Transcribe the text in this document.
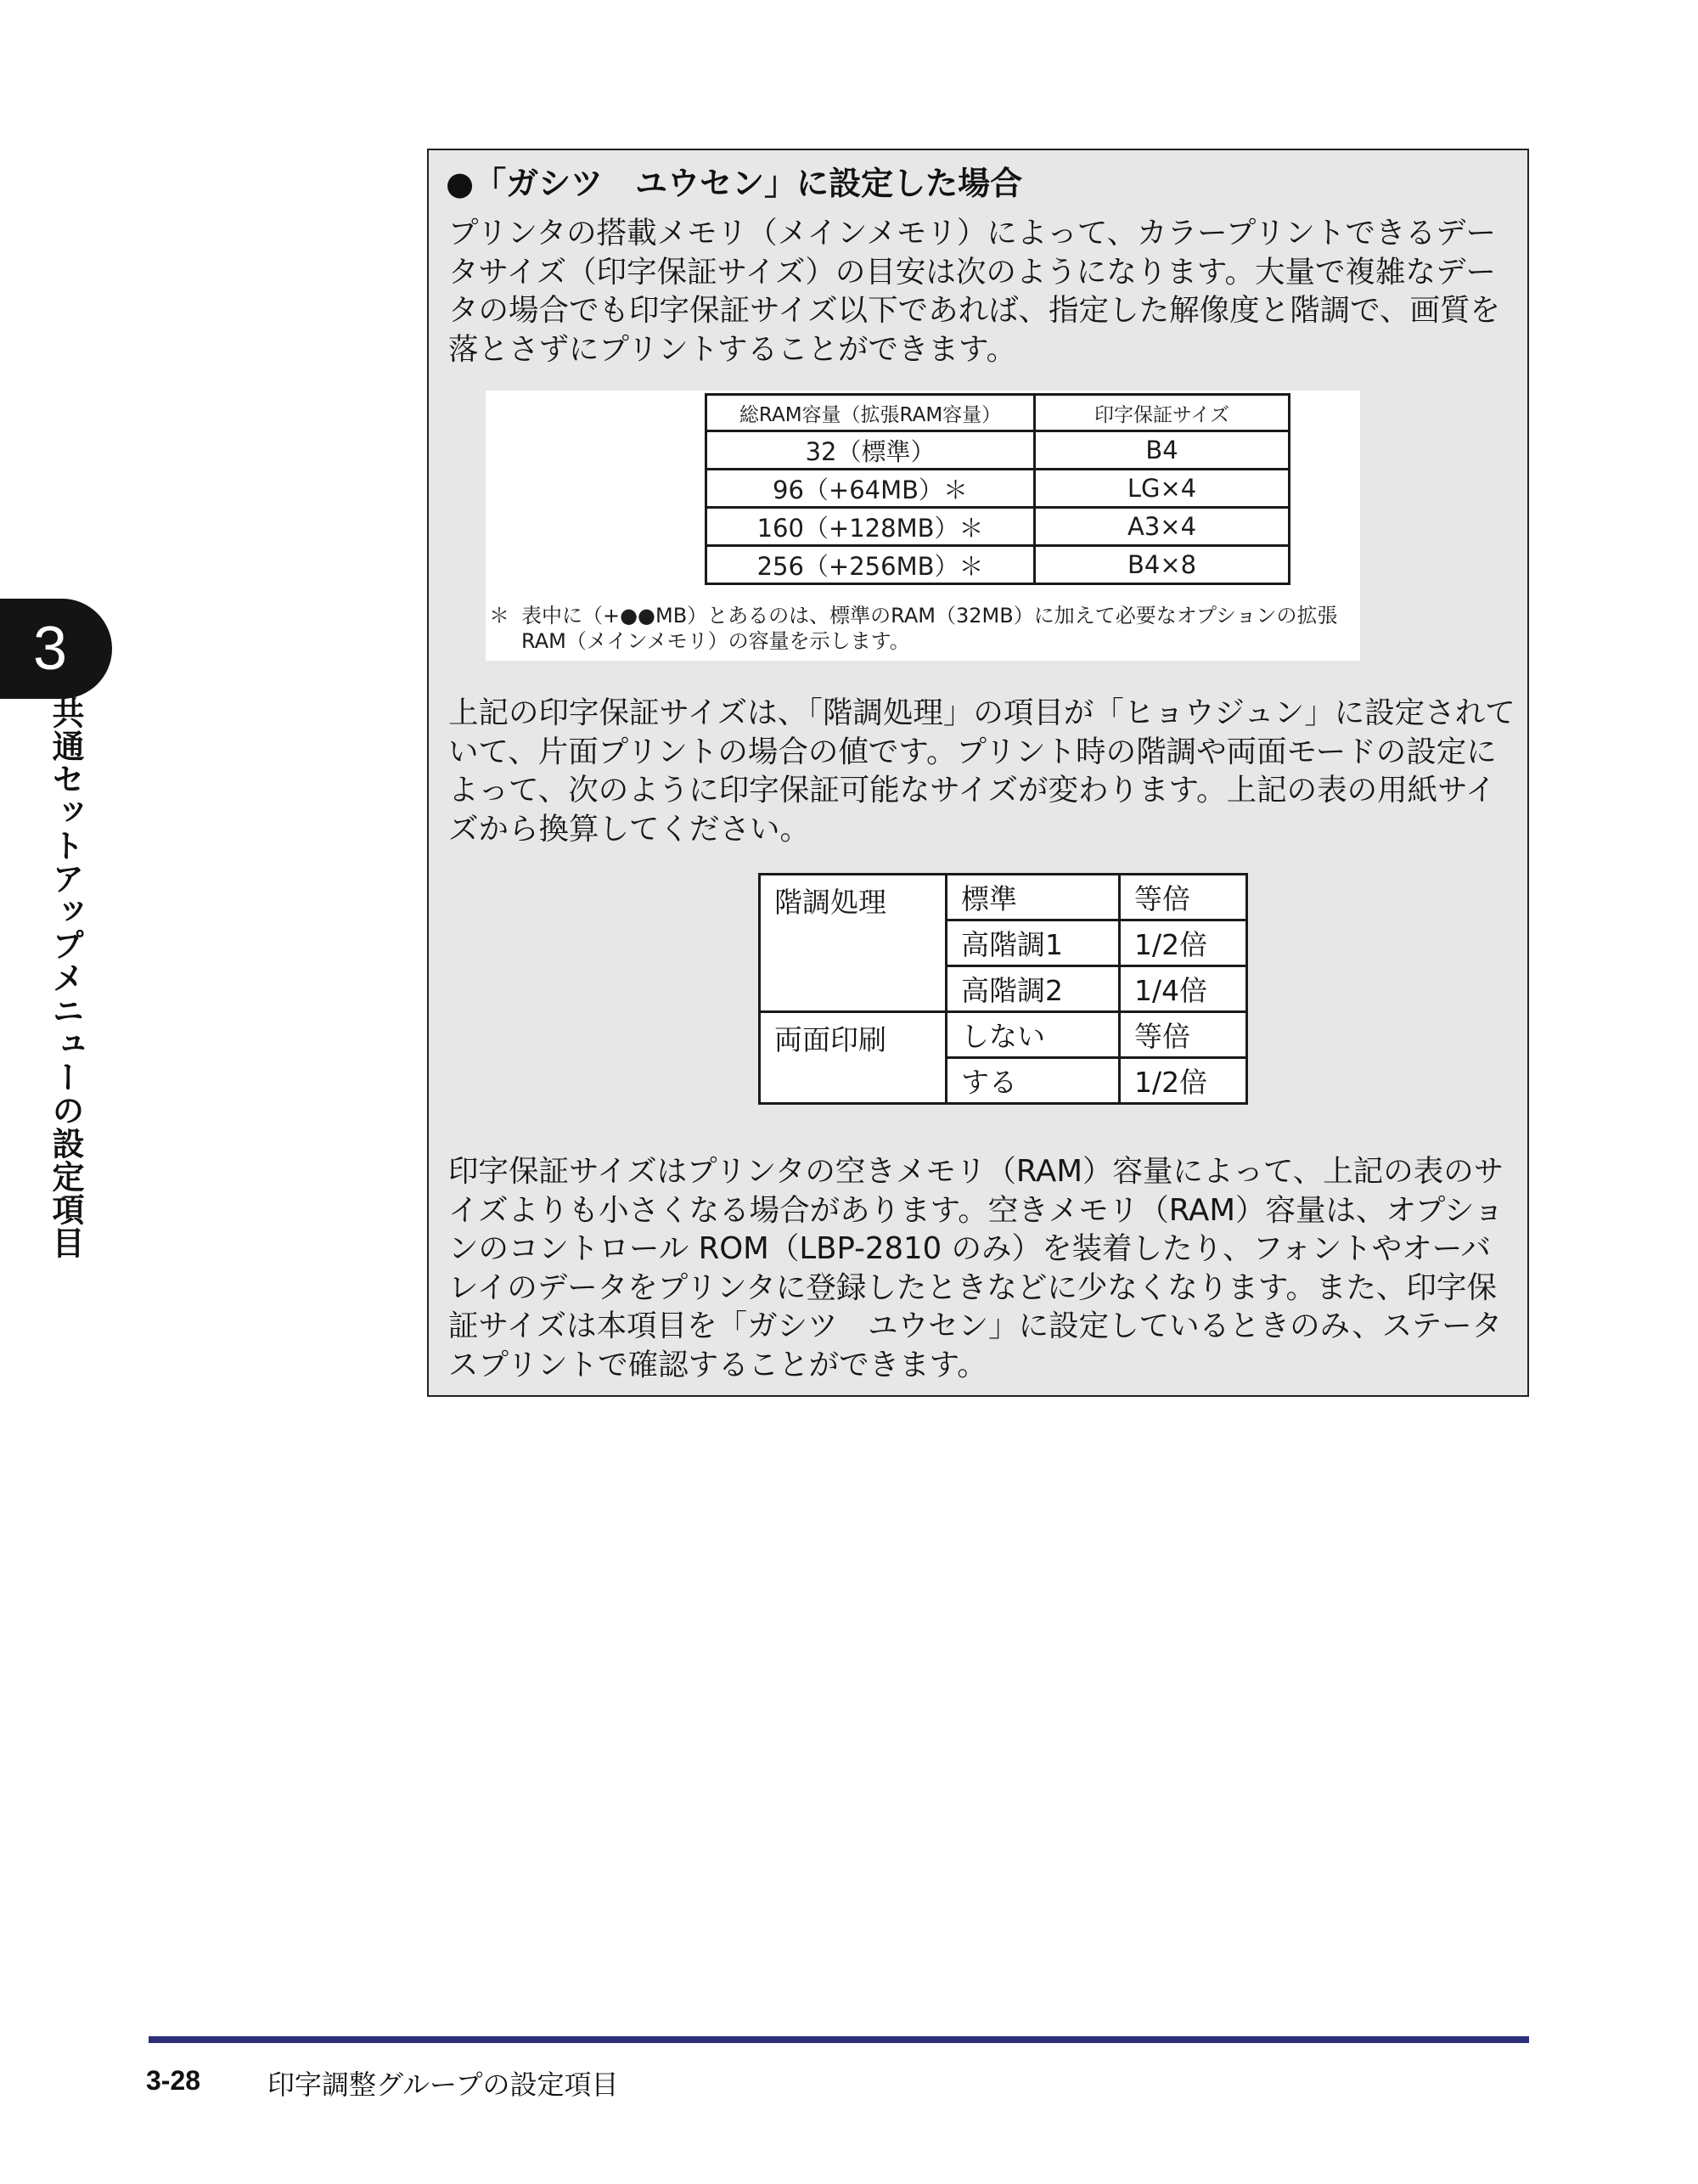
3
共通セットアップメニューの設定項目
●「ガシツ　ユウセン」に設定した場合

プリンタの搭載メモリ（メインメモリ）によって、カラープリントできるデータサイズ（印字保証サイズ）の目安は次のようになります。大量で複雑なデータの場合でも印字保証サイズ以下であれば、指定した解像度と階調で、画質を落とさずにプリントすることができます。

総RAM容量（拡張RAM容量）	印字保証サイズ
32（標準）	B4
96（+64MB）＊	LG×4
160（+128MB）＊	A3×4
256（+256MB）＊	B4×8
＊ 表中に（+●●MB）とあるのは、標準のRAM（32MB）に加えて必要なオプションの拡張RAM（メインメモリ）の容量を示します。

上記の印字保証サイズは、「階調処理」の項目が「ヒョウジュン」に設定されていて、片面プリントの場合の値です。プリント時の階調や両面モードの設定によって、次のように印字保証可能なサイズが変わります。上記の表の用紙サイズから換算してください。

階調処理	標準	等倍
	高階調1	1/2倍
	高階調2	1/4倍
両面印刷	しない	等倍
	する	1/2倍

印字保証サイズはプリンタの空きメモリ（RAM）容量によって、上記の表のサイズよりも小さくなる場合があります。空きメモリ（RAM）容量は、オプションのコントロール ROM（LBP-2810 のみ）を装着したり、フォントやオーバレイのデータをプリンタに登録したときなどに少なくなります。また、印字保証サイズは本項目を「ガシツ　ユウセン」に設定しているときのみ、ステータスプリントで確認することができます。

3-28 印字調整グループの設定項目
